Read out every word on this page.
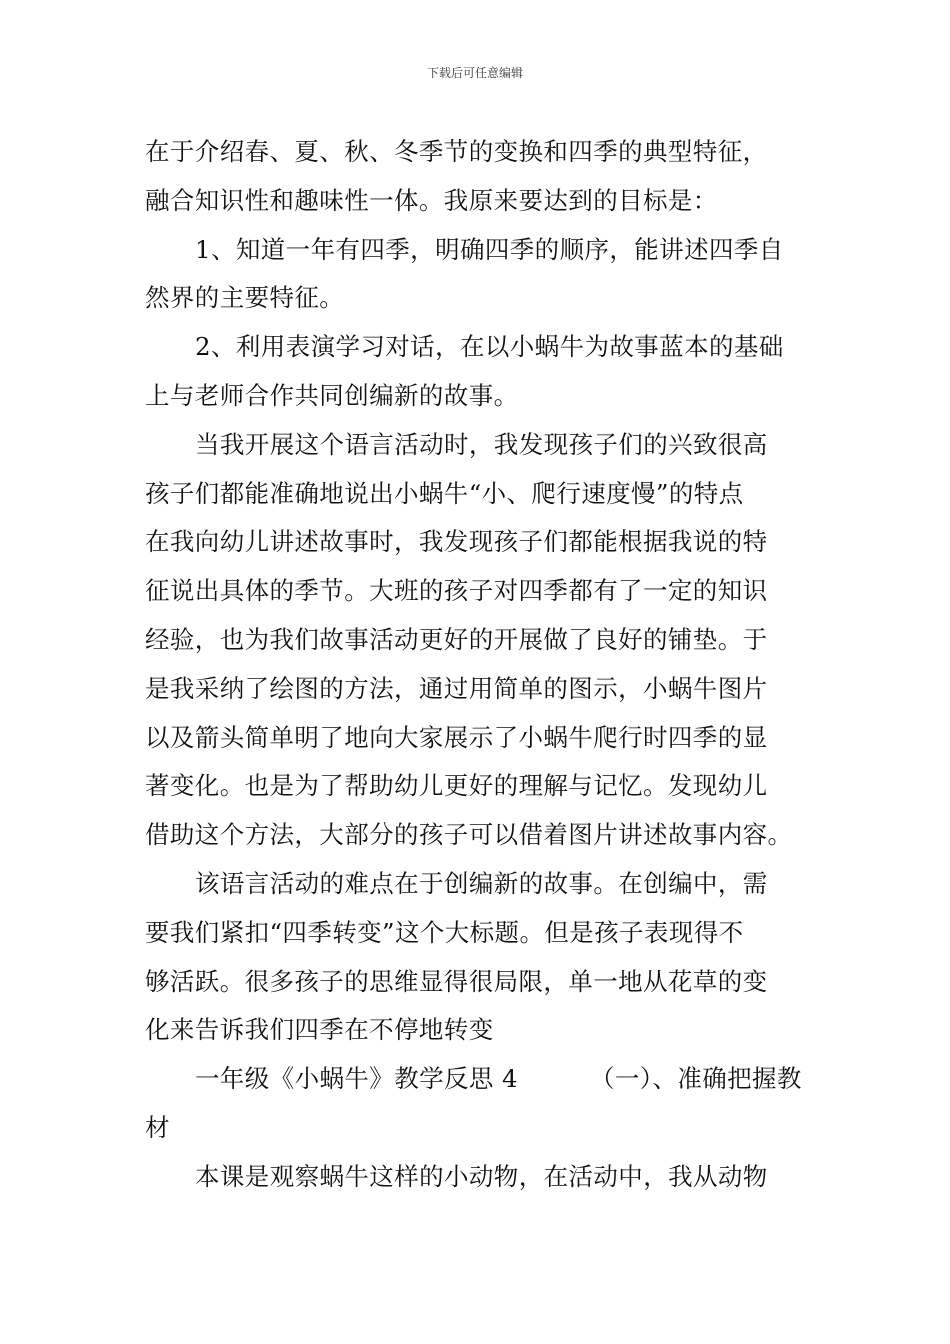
下载后可任意编辑
在于介绍春、夏、秋、冬季节的变换和四季的典型特征，
融合知识性和趣味性一体。我原来要达到的目标是：
1、知道一年有四季，明确四季的顺序，能讲述四季自
然界的主要特征。
2、利用表演学习对话，在以小蜗牛为故事蓝本的基础
上与老师合作共同创编新的故事。
当我开展这个语言活动时，我发现孩子们的兴致很高
孩子们都能准确地说出小蜗牛“小、爬行速度慢”的特点
在我向幼儿讲述故事时，我发现孩子们都能根据我说的特
征说出具体的季节。大班的孩子对四季都有了一定的知识
经验，也为我们故事活动更好的开展做了良好的铺垫。于
是我采纳了绘图的方法，通过用简单的图示，小蜗牛图片
以及箭头简单明了地向大家展示了小蜗牛爬行时四季的显
著变化。也是为了帮助幼儿更好的理解与记忆。发现幼儿
借助这个方法，大部分的孩子可以借着图片讲述故事内容。
该语言活动的难点在于创编新的故事。在创编中，需
要我们紧扣“四季转变”这个大标题。但是孩子表现得不
够活跃。很多孩子的思维显得很局限，单一地从花草的变
化来告诉我们四季在不停地转变
一年级《小蜗牛》教学反思 4	（一）、准确把握教
材
本课是观察蜗牛这样的小动物，在活动中，我从动物
